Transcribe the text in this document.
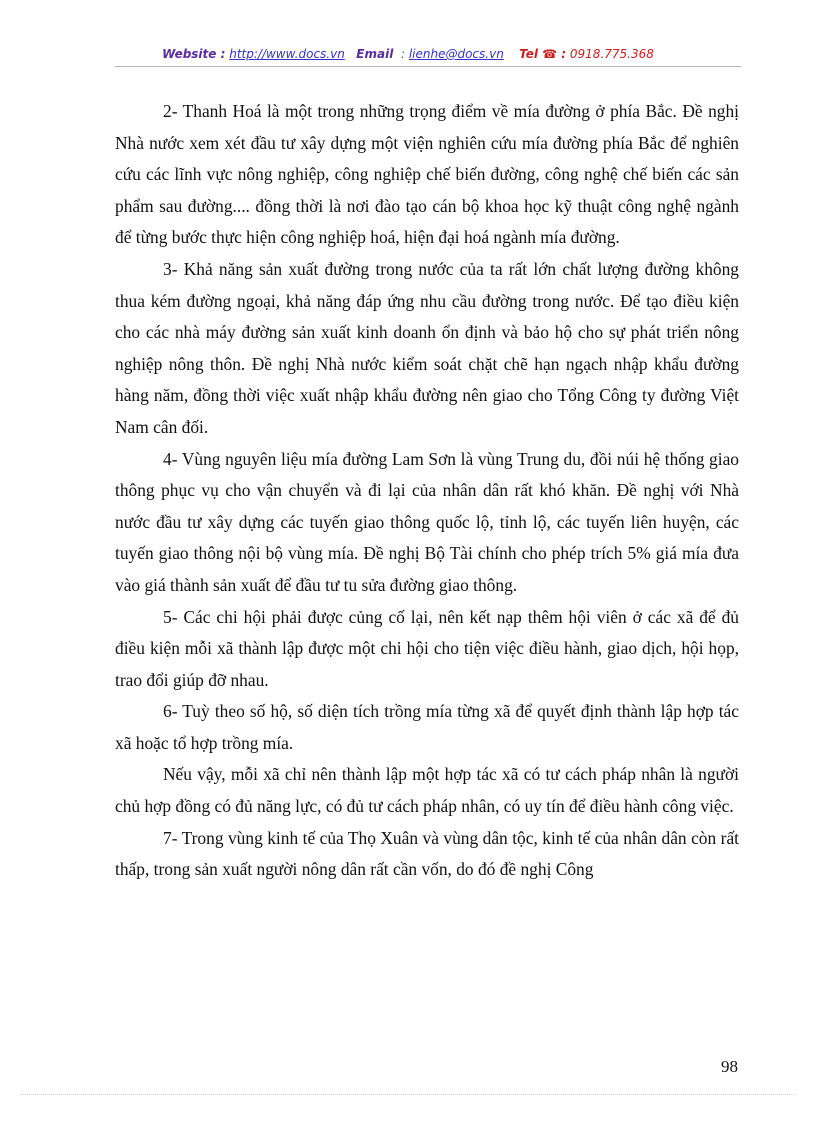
Website : http://www.docs.vn Email : lienhe@docs.vn Tel ☎ : 0918.775.368

2- Thanh Hoá là một trong những trọng điểm về mía đường ở phía Bắc. Đề nghị Nhà nước xem xét đầu tư xây dựng một viện nghiên cứu mía đường phía Bắc để nghiên cứu các lĩnh vực nông nghiệp, công nghiệp chế biến đường, công nghệ chế biến các sản phẩm sau đường.... đồng thời là nơi đào tạo cán bộ khoa học kỹ thuật công nghệ ngành để từng bước thực hiện công nghiệp hoá, hiện đại hoá ngành mía đường.

3- Khả năng sản xuất đường trong nước của ta rất lớn chất lượng đường không thua kém đường ngoại, khả năng đáp ứng nhu cầu đường trong nước. Để tạo điều kiện cho các nhà máy đường sản xuất kinh doanh ổn định và bảo hộ cho sự phát triển nông nghiệp nông thôn. Đề nghị Nhà nước kiểm soát chặt chẽ hạn ngạch nhập khẩu đường hàng năm, đồng thời việc xuất nhập khẩu đường nên giao cho Tổng Công ty đường Việt Nam cân đối.

4- Vùng nguyên liệu mía đường Lam Sơn là vùng Trung du, đồi núi hệ thống giao thông phục vụ cho vận chuyển và đi lại của nhân dân rất khó khăn. Đề nghị với Nhà nước đầu tư xây dựng các tuyến giao thông quốc lộ, tỉnh lộ, các tuyến liên huyện, các tuyến giao thông nội bộ vùng mía. Đề nghị Bộ Tài chính cho phép trích 5% giá mía đưa vào giá thành sản xuất để đầu tư tu sửa đường giao thông.

5- Các chi hội phải được củng cố lại, nên kết nạp thêm hội viên ở các xã để đủ điều kiện mỗi xã thành lập được một chi hội cho tiện việc điều hành, giao dịch, hội họp, trao đổi giúp đỡ nhau.

6- Tuỳ theo số hộ, số diện tích trồng mía từng xã để quyết định thành lập hợp tác xã hoặc tổ hợp trồng mía.

Nếu vậy, mỗi xã chỉ nên thành lập một hợp tác xã có tư cách pháp nhân là người chủ hợp đồng có đủ năng lực, có đủ tư cách pháp nhân, có uy tín để điều hành công việc.

7- Trong vùng kinh tế của Thọ Xuân và vùng dân tộc, kinh tế của nhân dân còn rất thấp, trong sản xuất người nông dân rất cần vốn, do đó đề nghị Công

98
